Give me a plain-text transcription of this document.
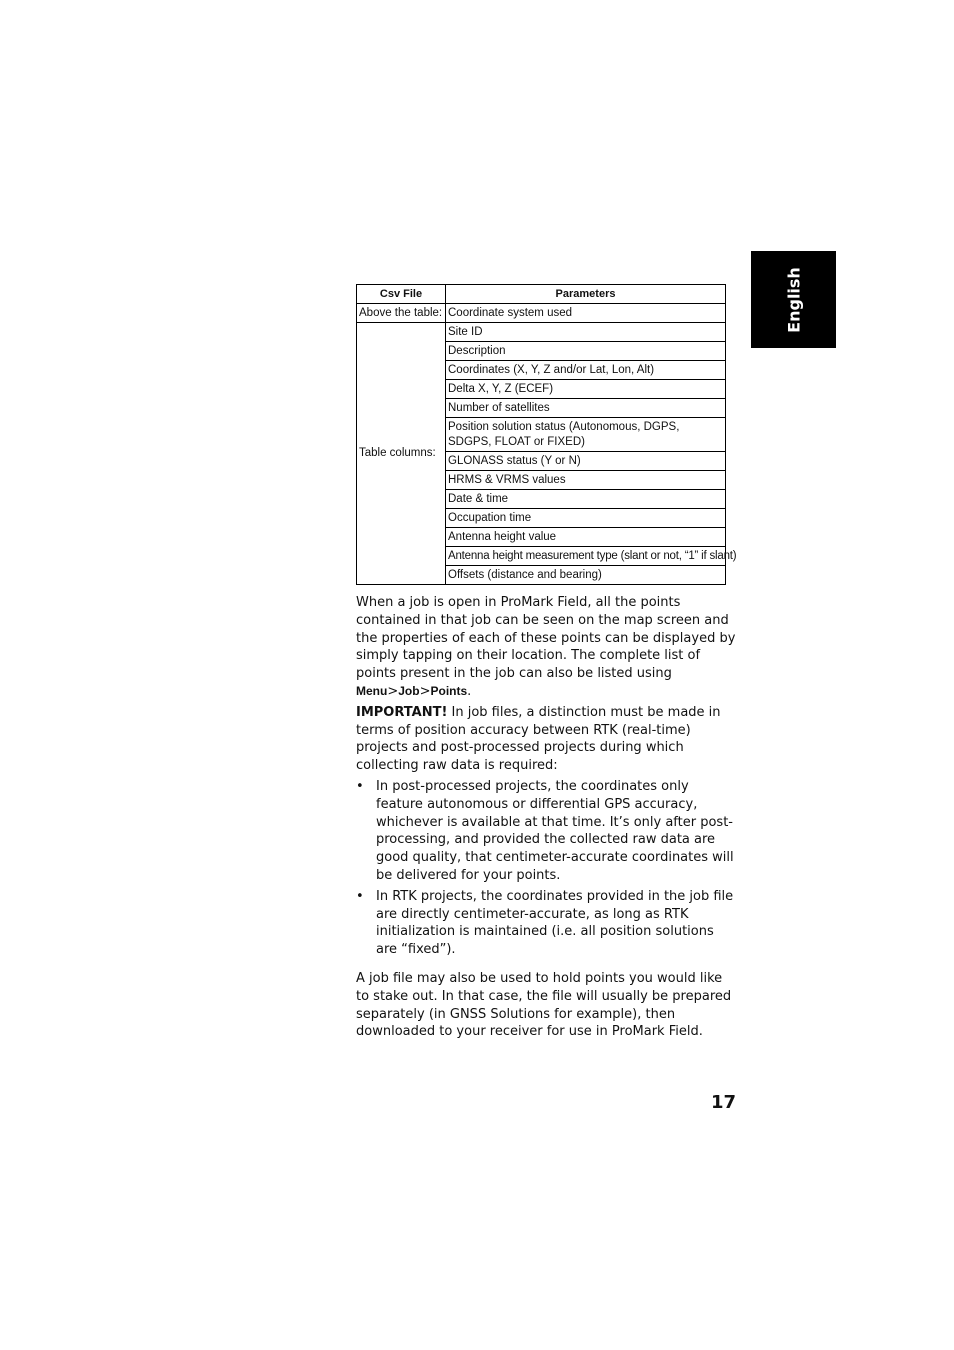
English
Csv File	Parameters
Above the table:	Coordinate system used
Table columns:	Site ID
	Description
	Coordinates (X, Y, Z and/or Lat, Lon, Alt)
	Delta X, Y, Z (ECEF)
	Number of satellites
	Position solution status (Autonomous, DGPS, SDGPS, FLOAT or FIXED)
	GLONASS status (Y or N)
	HRMS & VRMS values
	Date & time
	Occupation time
	Antenna height value
	Antenna height measurement type (slant or not, “1” if slant)
	Offsets (distance and bearing)

When a job is open in ProMark Field, all the points contained in that job can be seen on the map screen and the properties of each of these points can be displayed by simply tapping on their location. The complete list of points present in the job can also be listed using Menu>Job>Points.

IMPORTANT! In job files, a distinction must be made in terms of position accuracy between RTK (real-time) projects and post-processed projects during which collecting raw data is required:

• In post-processed projects, the coordinates only feature autonomous or differential GPS accuracy, whichever is available at that time. It’s only after post-processing, and provided the collected raw data are good quality, that centimeter-accurate coordinates will be delivered for your points.
• In RTK projects, the coordinates provided in the job file are directly centimeter-accurate, as long as RTK initialization is maintained (i.e. all position solutions are “fixed”).

A job file may also be used to hold points you would like to stake out. In that case, the file will usually be prepared separately (in GNSS Solutions for example), then downloaded to your receiver for use in ProMark Field.

17
